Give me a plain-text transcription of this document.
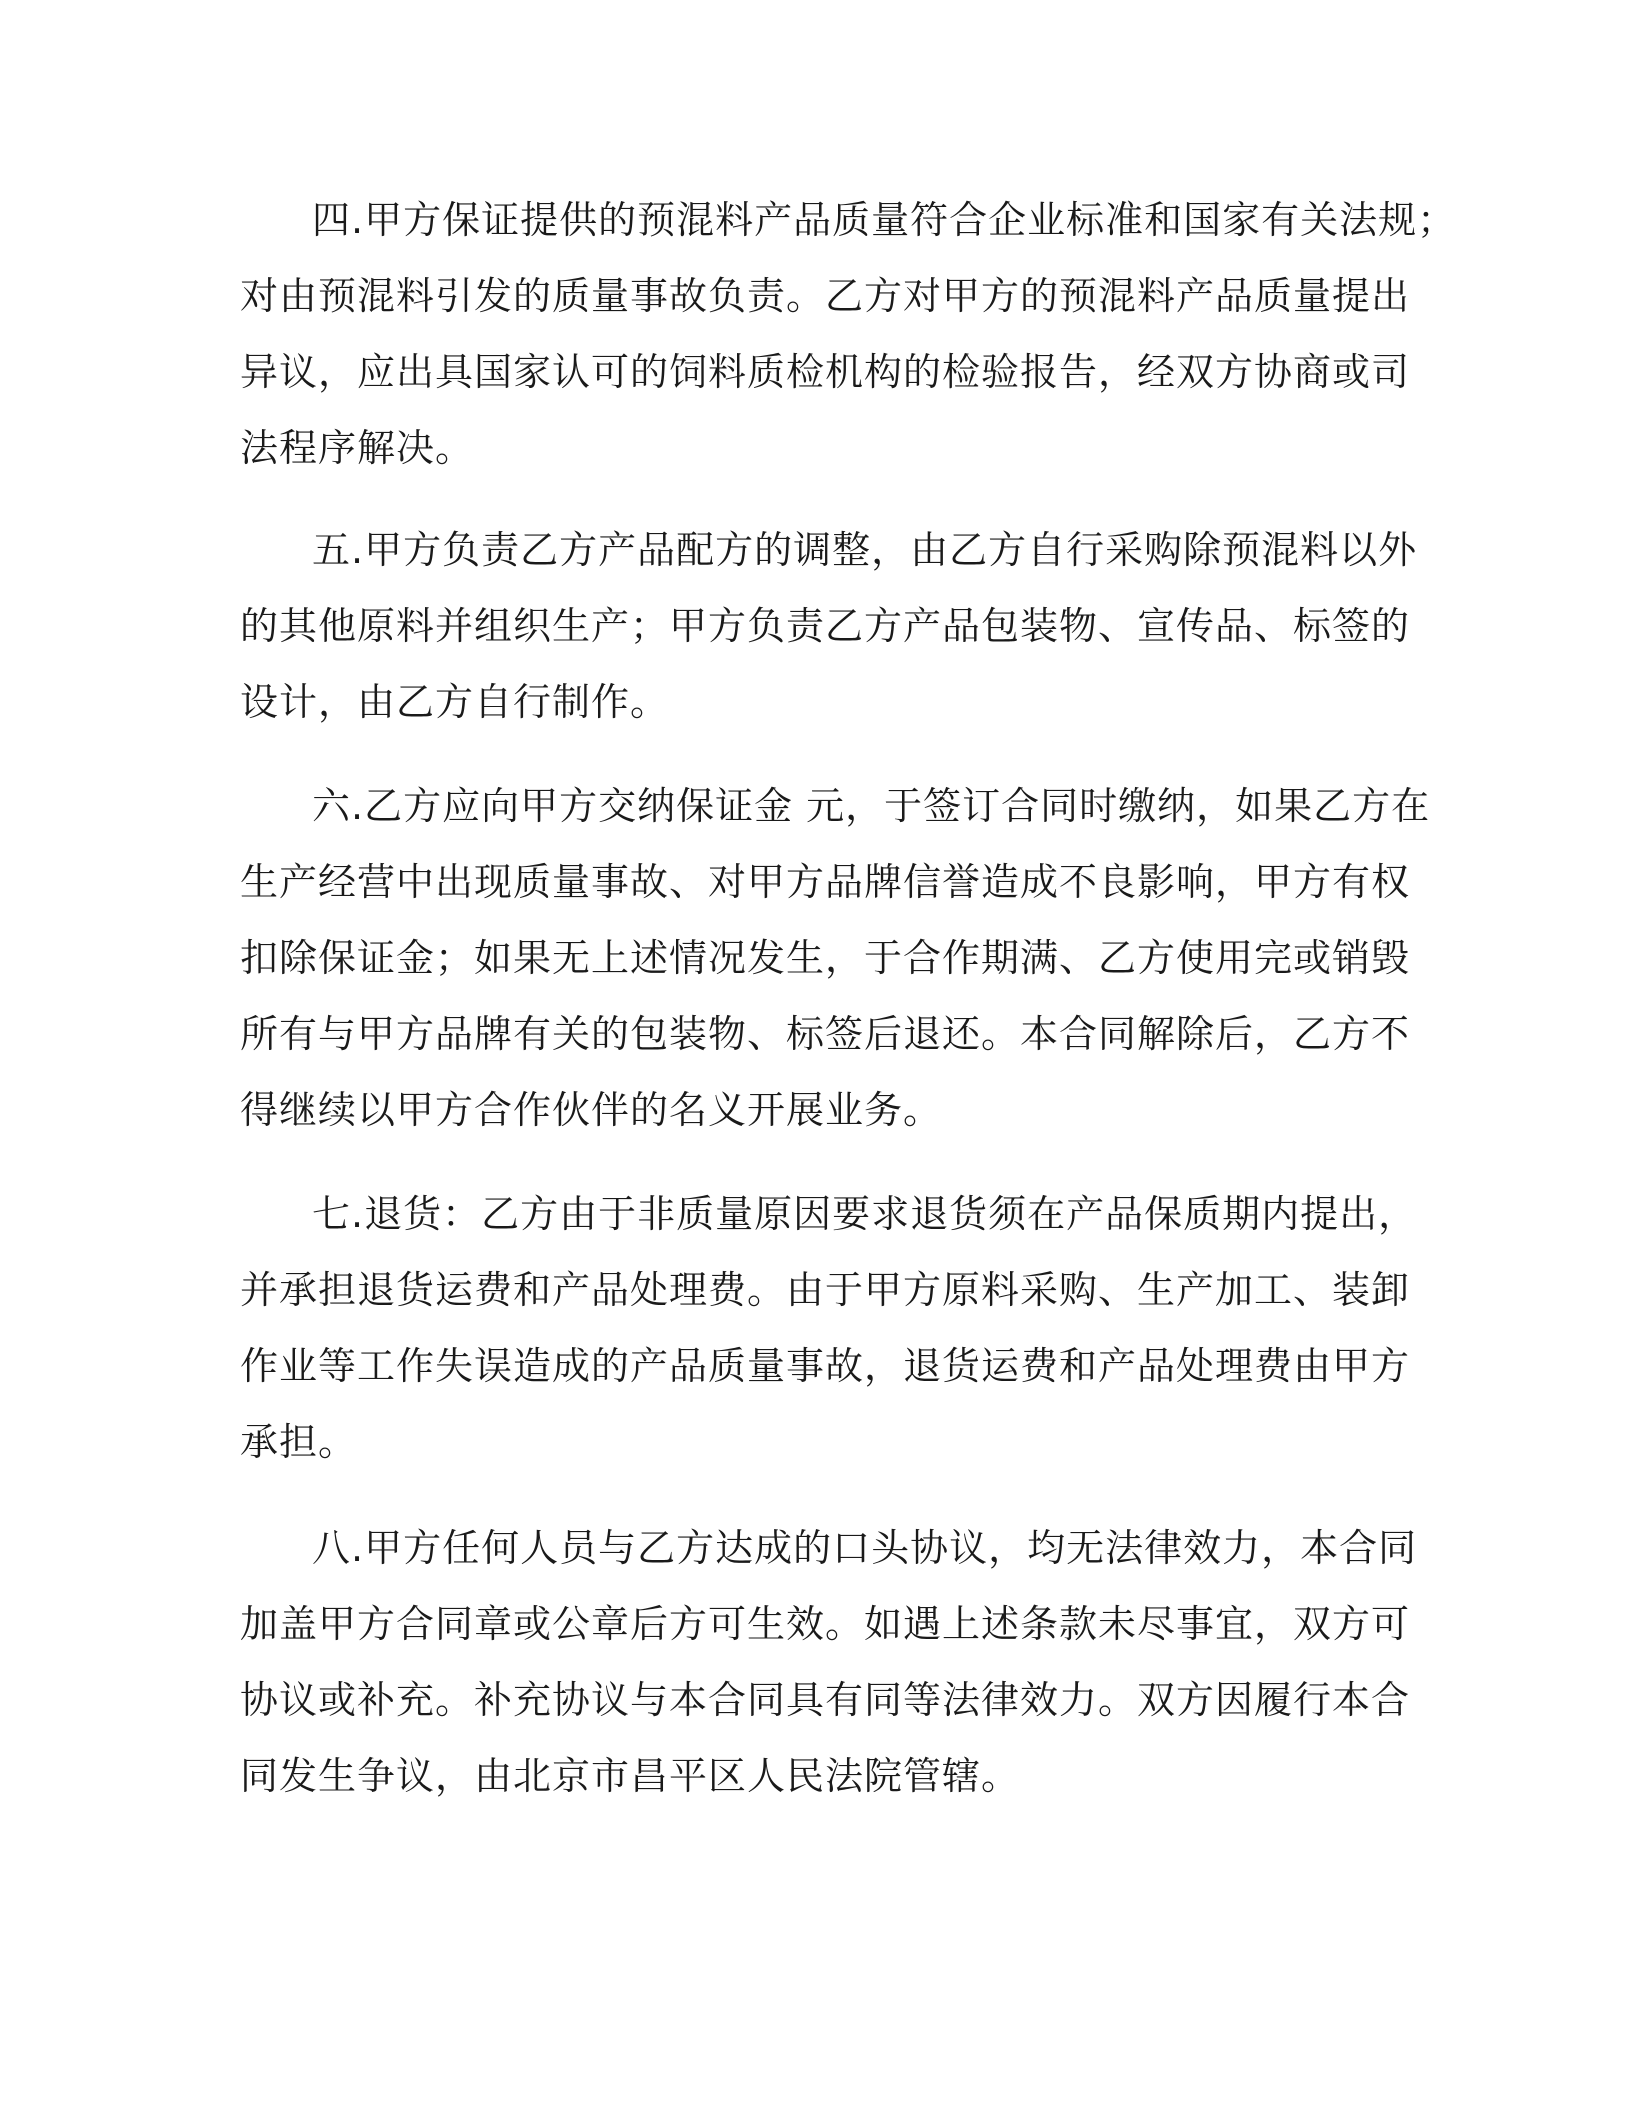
四.甲方保证提供的预混料产品质量符合企业标准和国家有关法规；
对由预混料引发的质量事故负责。乙方对甲方的预混料产品质量提出
异议，应出具国家认可的饲料质检机构的检验报告，经双方协商或司
法程序解决。
五.甲方负责乙方产品配方的调整，由乙方自行采购除预混料以外
的其他原料并组织生产；甲方负责乙方产品包装物、宣传品、标签的
设计，由乙方自行制作。
六.乙方应向甲方交纳保证金 元，于签订合同时缴纳，如果乙方在
生产经营中出现质量事故、对甲方品牌信誉造成不良影响，甲方有权
扣除保证金；如果无上述情况发生，于合作期满、乙方使用完或销毁
所有与甲方品牌有关的包装物、标签后退还。本合同解除后，乙方不
得继续以甲方合作伙伴的名义开展业务。
七.退货：乙方由于非质量原因要求退货须在产品保质期内提出，
并承担退货运费和产品处理费。由于甲方原料采购、生产加工、装卸
作业等工作失误造成的产品质量事故，退货运费和产品处理费由甲方
承担。
八.甲方任何人员与乙方达成的口头协议，均无法律效力，本合同
加盖甲方合同章或公章后方可生效。如遇上述条款未尽事宜，双方可
协议或补充。补充协议与本合同具有同等法律效力。双方因履行本合
同发生争议，由北京市昌平区人民法院管辖。
